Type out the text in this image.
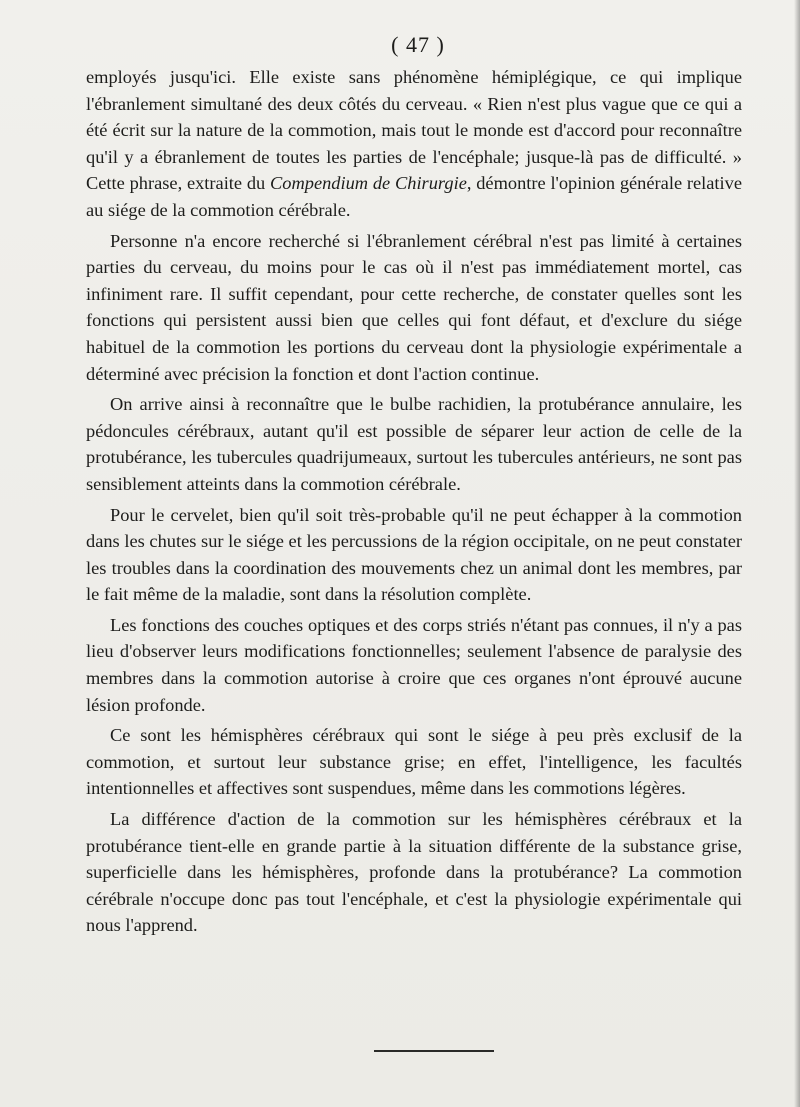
( 47 )

employés jusqu'ici. Elle existe sans phénomène hémiplégique, ce qui implique l'ébranlement simultané des deux côtés du cerveau. « Rien n'est plus vague que ce qui a été écrit sur la nature de la commotion, mais tout le monde est d'accord pour reconnaître qu'il y a ébranlement de toutes les parties de l'encéphale; jusque-là pas de difficulté. » Cette phrase, extraite du Compendium de Chirurgie, démontre l'opinion générale relative au siége de la commotion cérébrale.

Personne n'a encore recherché si l'ébranlement cérébral n'est pas limité à certaines parties du cerveau, du moins pour le cas où il n'est pas immédiatement mortel, cas infiniment rare. Il suffit cependant, pour cette recherche, de constater quelles sont les fonctions qui persistent aussi bien que celles qui font défaut, et d'exclure du siége habituel de la commotion les portions du cerveau dont la physiologie expérimentale a déterminé avec précision la fonction et dont l'action continue.

On arrive ainsi à reconnaître que le bulbe rachidien, la protubérance annulaire, les pédoncules cérébraux, autant qu'il est possible de séparer leur action de celle de la protubérance, les tubercules quadrijumeaux, surtout les tubercules antérieurs, ne sont pas sensiblement atteints dans la commotion cérébrale.

Pour le cervelet, bien qu'il soit très-probable qu'il ne peut échapper à la commotion dans les chutes sur le siége et les percussions de la région occipitale, on ne peut constater les troubles dans la coordination des mouvements chez un animal dont les membres, par le fait même de la maladie, sont dans la résolution complète.

Les fonctions des couches optiques et des corps striés n'étant pas connues, il n'y a pas lieu d'observer leurs modifications fonctionnelles; seulement l'absence de paralysie des membres dans la commotion autorise à croire que ces organes n'ont éprouvé aucune lésion profonde.

Ce sont les hémisphères cérébraux qui sont le siége à peu près exclusif de la commotion, et surtout leur substance grise; en effet, l'intelligence, les facultés intentionnelles et affectives sont suspendues, même dans les commotions légères.

La différence d'action de la commotion sur les hémisphères cérébraux et la protubérance tient-elle en grande partie à la situation différente de la substance grise, superficielle dans les hémisphères, profonde dans la protubérance? La commotion cérébrale n'occupe donc pas tout l'encéphale, et c'est la physiologie expérimentale qui nous l'apprend.
